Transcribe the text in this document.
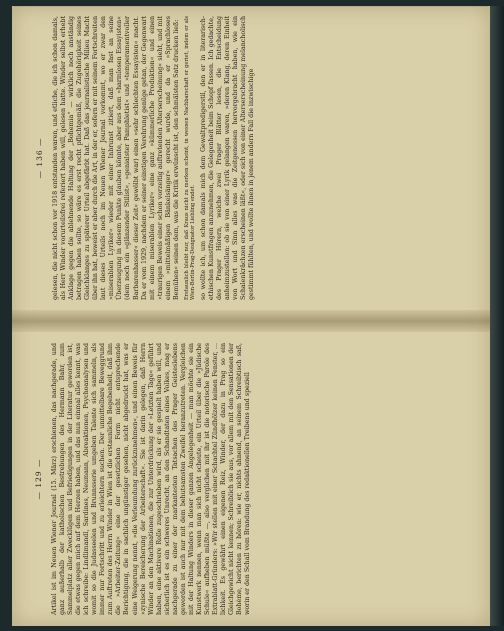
— 129 — Artikel ist im Neuen Wiener Journal (15. März) erschienen, das nachgerade, und ganz außerhalb der katholischen Bestrebungen des Hermann Bahr, zum Sammelplatz aller Zwecklügen und Befriedigungen in der Literatur geworden ist, die etwas gegen mich auf dem Herzen haben, und das nun einmal alles kennt, was ich schreibe: Lindlimandl, Sardines, Neumann, Abreaktionen, Psychoanalysen und womit so die Judasseelen und Brunnsserie umgeben Talente sich sammeln, als immer nur Fortschritt und zu erleichtern suchen. Der unmittelbare Beweggrund zum Auftreten des Herrn Winder in Wien ist die erstaunliche Begebenheit, daß ihm die »Arbeiter-Zeitung« eine der gesetzlichen Form nicht entsprechende Berichtigung, die in sachlich ungünstiger gesehen, nicht abgedruckt hat, was er eine Weigerung nennt, »die Verleumdung zurückzunehmen«, und einen Beweis für »zynische Bereicherung der Arbeiterschaft«. Sie ist darin gelegen, daß Herrn Winder an den Machinationen, die zur Unterdrückung der »Letzten Tage« geführt haben, eine aktivere Rolle zugeschrieben wird, als er sie gespielt haben will, und sicherlich ist es ein schweres Unrecht, an den Schandtaten eines Volkes, mag er nachgerade zu einer der markantesten Tatsachen des Prager Geisteslebens geworden ist auch nur mit dem behutsamsten Zweifel heranzutreten. Vergleichen mit der Haltung Winders in dieser ganzen Angelegenheit — man möchte sie ein Kunstwerk nennen, wenn man sich nicht scheute, ein Urteil über die »Jüdische Schule« aufheben müßte —, also verglichen mit ihr ist die notorische Parole des Extrablatt-Gründers: »Wir stellen mit einer Schachtel Zündhölzer keinen Fenster, ... lichkeit. Es gewährt einen eigenen Reiz, Winder, der dazu in Prag so ein Gleichgewicht nicht kennen; Schreiblich sie aus, vor allem mit den Sensationen der Bohème, berichten zu hören: wie er, nichts ahnend, an seinem Schreibtisch saß, worin er den Schall vom Brandung des redaktionellen Treibens und speziell

— 136 — gelesen, die nicht schon vor 1918 entstanden waren, und etliche, die ich schon damals, als Herr Winder vorurteilsfrei referiert haben will, gelesen hatte. Winder selbst erhebt Anklage gegen die ablehnende Haltung der „Bohemia“ — wirklich noch anständig betragen haben sollte, so wäre es erst recht pflichtgemäß, die Zugehörigkeit seines Gleichklanges zu späterer Urteil abgefärbt hat. Daß das journalistische Milieu Macht über ihn hat, beweist er aber durch die Art, in der er, sofern er mit seinem Fortschreiten laut dieses Urteils noch im Neuen Wiener Journal vorkommt, wo er zwar den »miserablen Lyriker« wieder mit einer Inbrunst zitiert, daß man fast an seine Überzeugung in diesem Punkte glauben könnte, aber aus dem »harmlosen Essayisten« (dem noch ein »glänzender Stilist«, »genialster Pamphletist« und »temperamentvoller Barbarenhasser« dieser Zeit« gewölbt war) einen »sehr schlechten Essayisten« macht. Da er vom 1929, nachdem er seiner einstigen Verehrung genüge getan, der Gegenwart mit einem miserablen Lyriker« eine ganz »kümmerliche Produktion« und einen »traurigen Beweis einer schon vorzeitig auftretenden Alterserscheinung« sieht, und mit einem »mittelmäßigen Bänkelsänger« gerecht wurde, und da er »Sprachloses Bemühen« seinen dem, was die Kritik erwünscht ist, den schmälsten Satz drucken ließ: Erstaunlich bleibt nur, daß Kraus nicht zu merken scheint, in wessen Nachbarschaft er geriet, indem er als Wien-Berlin-Prag-Designator Liebling endet. so wollte ich, um schon damals mich dem Gewaltpredigerstil, den er in literarisch-ethischen Kunstfragen anzunehmen, die Gelegenheit beim Schopf fassen. Ich gedachte, des Prager Hörern, welche zwei Prager Blätter lesen, die Entscheidung anheimzustellen: ob sie von einer Lyrik gelangen waren, »deren Klang, deren Einheit von Wort und Sinn alles was die Zeitgenossen hervorgebracht haben, wie ein Schalenkrächzen erscheinen läßt«, oder sich von einer Alterserscheinung melancholisch gestimmt fühlten, und wollte ihnen in jenem andern Fall die inzwischige
